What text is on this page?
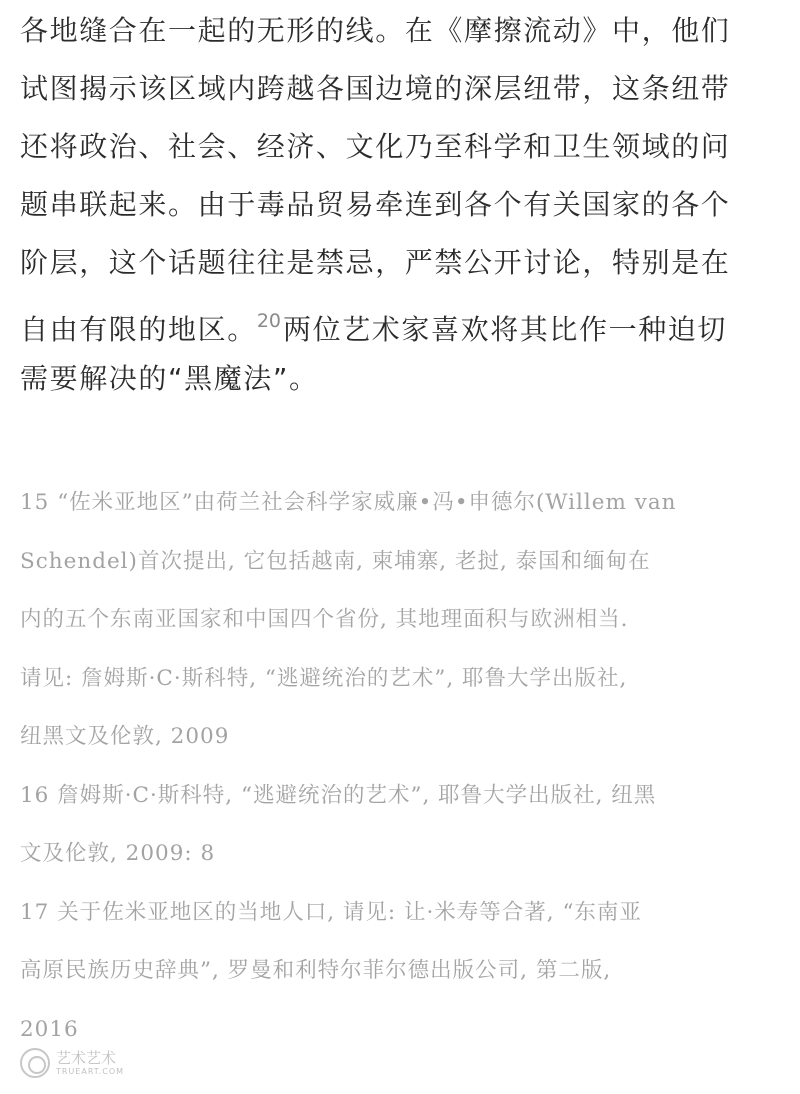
各地缝合在一起的无形的线。在《摩擦流动》中，他们
试图揭示该区域内跨越各国边境的深层纽带，这条纽带
还将政治、社会、经济、文化乃至科学和卫生领域的问
题串联起来。由于毒品贸易牵连到各个有关国家的各个
阶层，这个话题往往是禁忌，严禁公开讨论，特别是在
自由有限的地区。$^{20}$两位艺术家喜欢将其比作一种迫切
需要解决的“黑魔法”。
15 “佐米亚地区”由荷兰社会科学家威廉•冯•申德尔(Willem van
Schendel)首次提出, 它包括越南, 柬埔寨, 老挝, 泰国和缅甸在
内的五个东南亚国家和中国四个省份, 其地理面积与欧洲相当.
请见: 詹姆斯·C·斯科特, “逃避统治的艺术”, 耶鲁大学出版社,
纽黑文及伦敦, 2009
16 詹姆斯·C·斯科特, “逃避统治的艺术”, 耶鲁大学出版社, 纽黑
文及伦敦, 2009: 8
17 关于佐米亚地区的当地人口, 请见: 让·米寿等合著, “东南亚
高原民族历史辞典”, 罗曼和利特尔菲尔德出版公司, 第二版,
2016
艺术艺术
TRUEART.COM
